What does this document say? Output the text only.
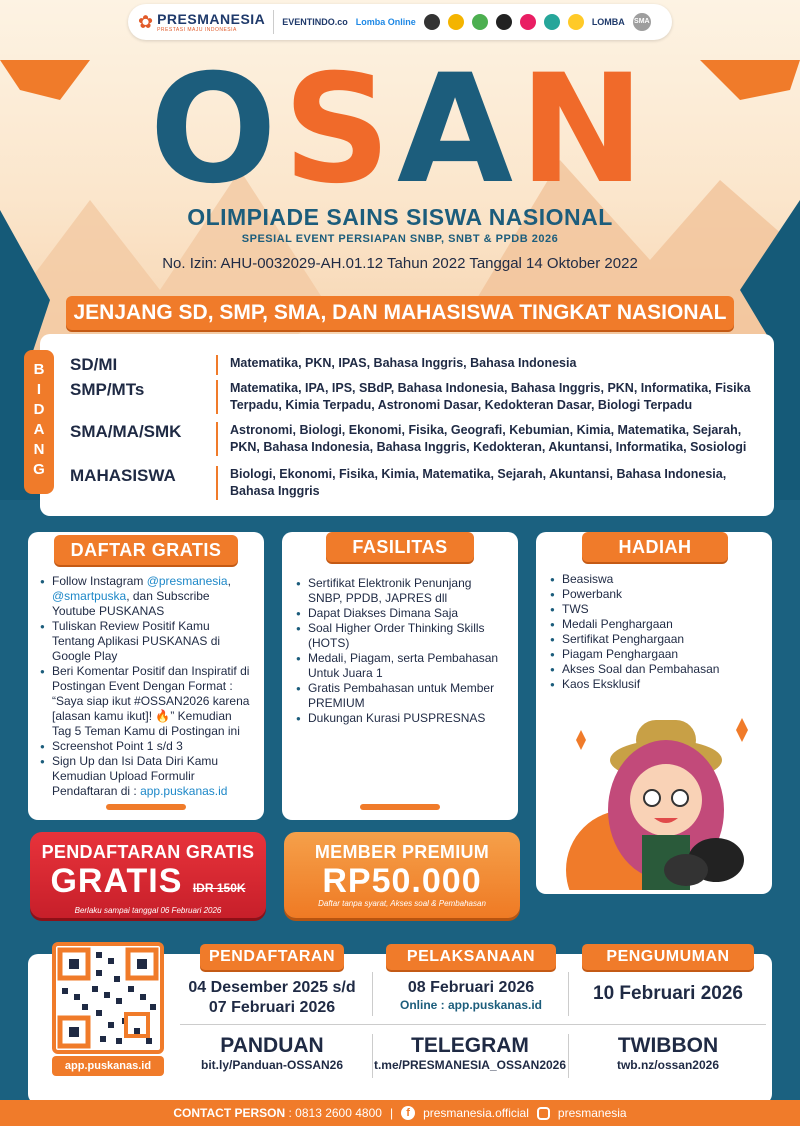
✿ PRESMANESIA
PRESTASI MAJU INDONESIA
EVENTINDO.co Lomba Online	LOMBA SMA
OSAN
OLIMPIADE SAINS SISWA NASIONAL
SPESIAL EVENT PERSIAPAN SNBP, SNBT & PPDB 2026
No. Izin: AHU-0032029-AH.01.12 Tahun 2022 Tanggal 14 Oktober 2022
JENJANG SD, SMP, SMA, DAN MAHASISWA TINGKAT NASIONAL
B
I
D
A
N
G
SD/MI	Matematika, PKN, IPAS, Bahasa Inggris, Bahasa Indonesia
SMP/MTs	Matematika, IPA, IPS, SBdP, Bahasa Indonesia, Bahasa Inggris, PKN, Informatika, Fisika Terpadu, Kimia Terpadu, Astronomi Dasar, Kedokteran Dasar, Biologi Terpadu
SMA/MA/SMK	Astronomi, Biologi, Ekonomi, Fisika, Geografi, Kebumian, Kimia, Matematika, Sejarah, PKN, Bahasa Indonesia, Bahasa Inggris, Kedokteran, Akuntansi, Informatika, Sosiologi
MAHASISWA	Biologi, Ekonomi, Fisika, Kimia, Matematika, Sejarah, Akuntansi, Bahasa Indonesia, Bahasa Inggris
● Follow Instagram @presmanesia, @smartpuska, dan Subscribe Youtube PUSKANAS
● Tuliskan Review Positif Kamu Tentang Aplikasi PUSKANAS di Google Play
● Beri Komentar Positif dan Inspiratif di Postingan Event Dengan Format : “Saya siap ikut #OSSAN2026 karena [alasan kamu ikut]! 🔥” Kemudian Tag 5 Teman Kamu di Postingan ini
● Screenshot Point 1 s/d 3
● Sign Up dan Isi Data Diri Kamu Kemudian Upload Formulir Pendaftaran di : app.puskanas.id
DAFTAR GRATIS
● Sertifikat Elektronik Penunjang SNBP, PPDB, JAPRES dll
● Dapat Diakses Dimana Saja
● Soal Higher Order Thinking Skills (HOTS)
● Medali, Piagam, serta Pembahasan Untuk Juara 1
● Gratis Pembahasan untuk Member PREMIUM
● Dukungan Kurasi PUSPRESNAS
FASILITAS
● Beasiswa
● Powerbank
● TWS
● Medali Penghargaan
● Sertifikat Penghargaan
● Piagam Penghargaan
● Akses Soal dan Pembahasan
● Kaos Eksklusif
HADIAH
PENDAFTARAN GRATIS
GRATIS IDR 150K
Berlaku sampai tanggal 06 Februari 2026
MEMBER PREMIUM
RP50.000
Daftar tanpa syarat, Akses soal & Pembahasan
app.puskanas.id
PENDAFTARAN
04 Desember 2025 s/d
07 Februari 2026
PELAKSANAAN
08 Februari 2026
Online : app.puskanas.id
PENGUMUMAN
10 Februari 2026
PANDUAN
bit.ly/Panduan-OSSAN26
TELEGRAM
t.me/PRESMANESIA_OSSAN2026
TWIBBON
twb.nz/ossan2026
CONTACT PERSON : 0813 2600 4800 |	f	presmanesia.official presmanesia
